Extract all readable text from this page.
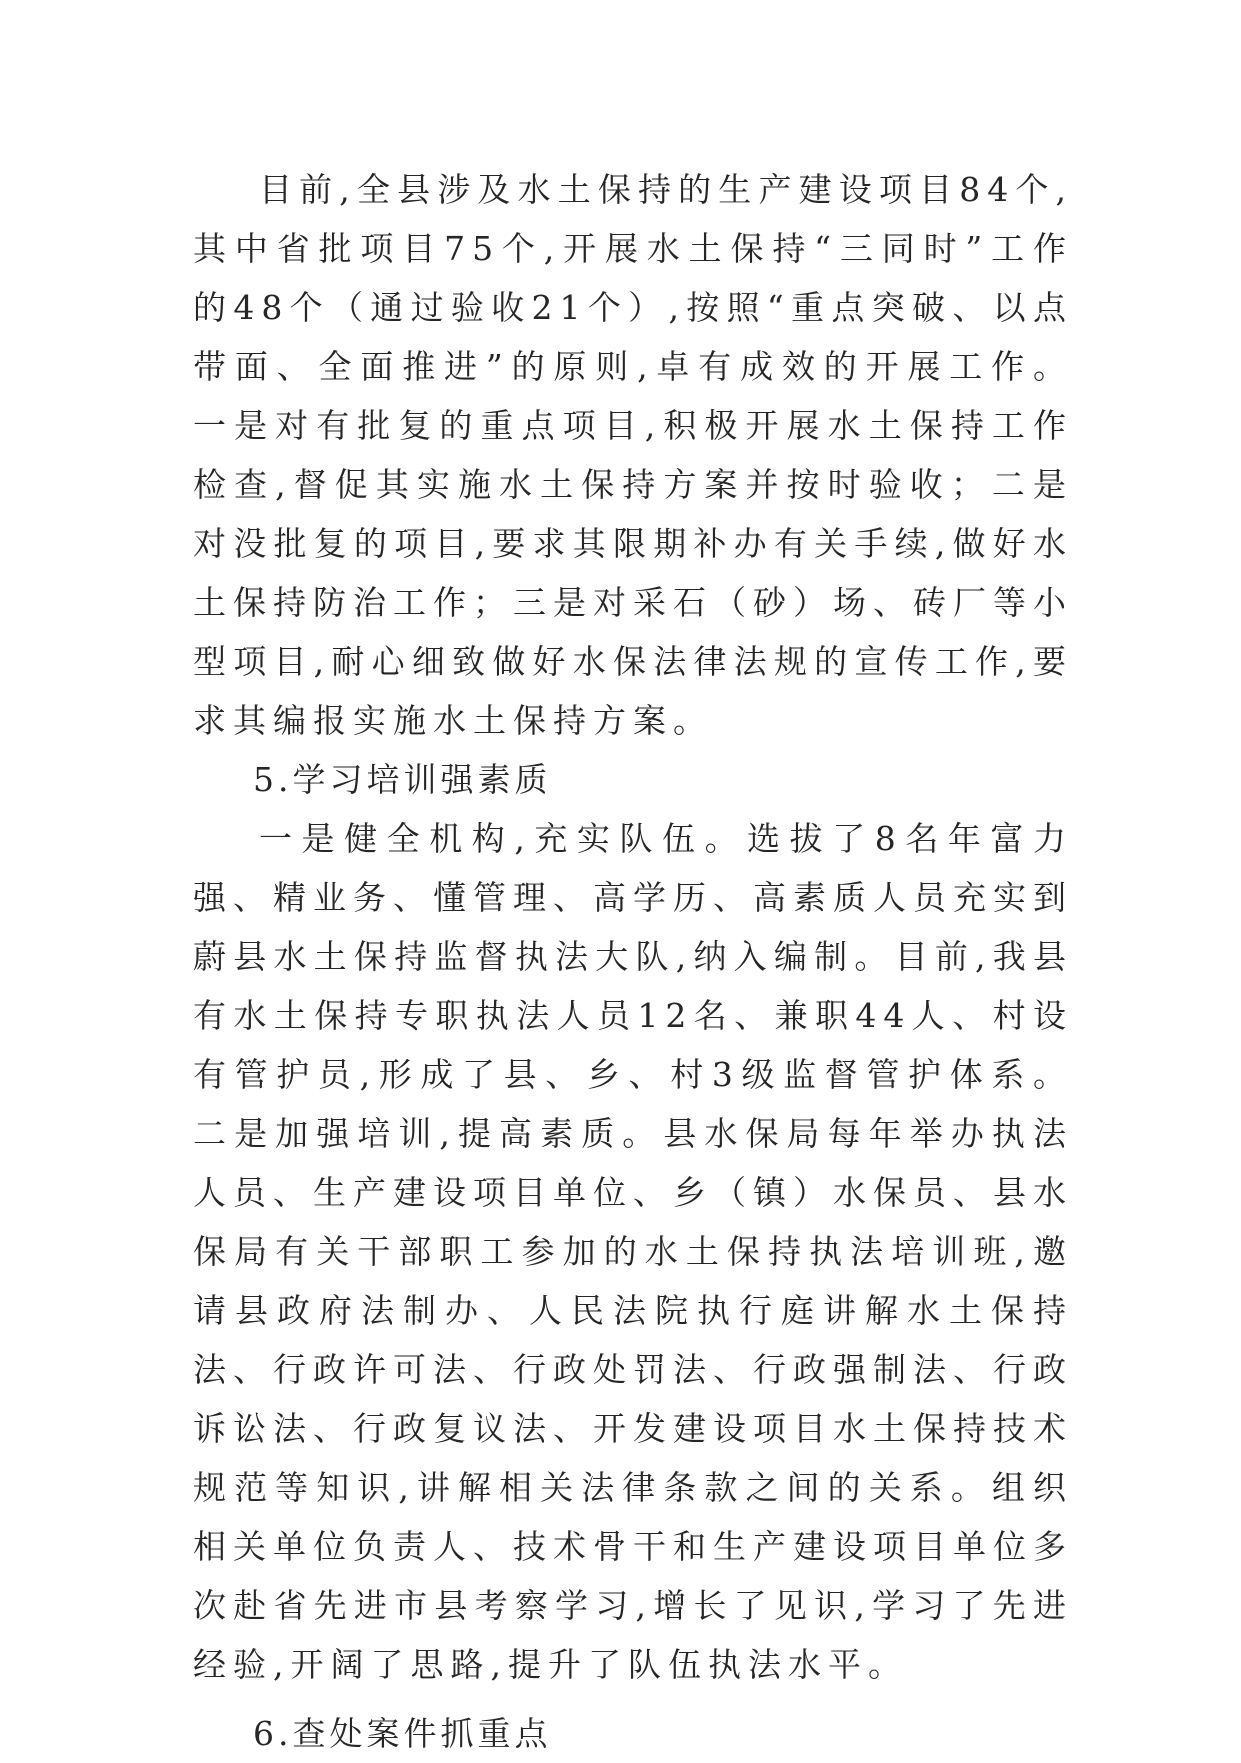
目前,全县涉及水土保持的生产建设项目84个,其中省批项目75个,开展水土保持“三同时”工作的48个（通过验收21个）,按照“重点突破、以点带面、全面推进”的原则,卓有成效的开展工作。一是对有批复的重点项目,积极开展水土保持工作检查,督促其实施水土保持方案并按时验收；二是对没批复的项目,要求其限期补办有关手续,做好水土保持防治工作；三是对采石（砂）场、砖厂等小型项目,耐心细致做好水保法律法规的宣传工作,要求其编报实施水土保持方案。

5.学习培训强素质

一是健全机构,充实队伍。选拔了8名年富力强、精业务、懂管理、高学历、高素质人员充实到蔚县水土保持监督执法大队,纳入编制。目前,我县有水土保持专职执法人员12名、兼职44人、村设有管护员,形成了县、乡、村3级监督管护体系。二是加强培训,提高素质。县水保局每年举办执法人员、生产建设项目单位、乡（镇）水保员、县水保局有关干部职工参加的水土保持执法培训班,邀请县政府法制办、人民法院执行庭讲解水土保持法、行政许可法、行政处罚法、行政强制法、行政诉讼法、行政复议法、开发建设项目水土保持技术规范等知识,讲解相关法律条款之间的关系。组织相关单位负责人、技术骨干和生产建设项目单位多次赴省先进市县考察学习,增长了见识,学习了先进经验,开阔了思路,提升了队伍执法水平。

6.查处案件抓重点
